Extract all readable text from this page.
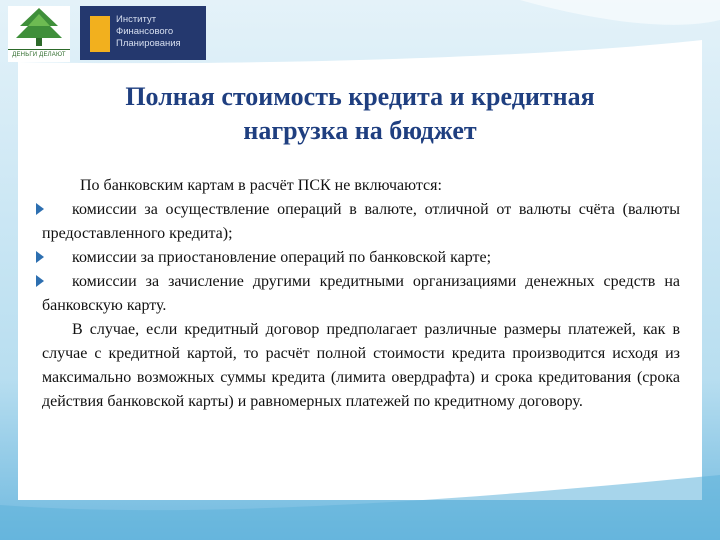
ДЕНЬГИ ДЕЛАЮТ
Институт
Финансового
Планирования
Полная стоимость кредита и кредитная
нагрузка на бюджет
По банковским картам в расчёт ПСК не включаются:
комиссии за осуществление операций в валюте, отличной от валюты счёта (валюты предоставленного кредита);
комиссии за приостановление операций по банковской карте;
комиссии за зачисление другими кредитными организациями денежных средств на банковскую карту.
В случае, если кредитный договор предполагает различные размеры платежей, как в случае с кредитной картой, то расчёт полной стоимости кредита производится исходя из максимально возможных суммы кредита (лимита овердрафта) и срока кредитования (срока действия банковской карты) и равномерных платежей по кредитному договору.
